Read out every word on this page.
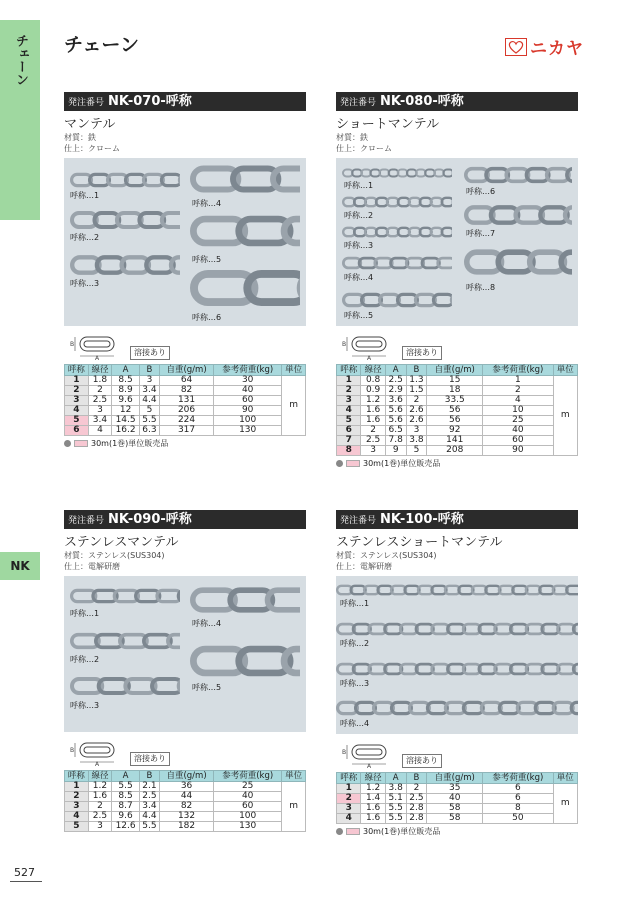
チェーン
NK
チェーン	ニカヤ
発注番号 NK-070-呼称
マンテル
材質：鉄
仕上：クローム
呼称…1
呼称…2
呼称…3
呼称…4
呼称…5
呼称…6
A
B
溶接あり
呼称	線径	A	B	自重(g/m)	参考荷重(kg)	単位
1	1.8	8.5	3	64	30	m
2	2	8.9	3.4	82	40	
3	2.5	9.6	4.4	131	60	
4	3	12	5	206	90	
5	3.4	14.5	5.5	224	100	
6	4	16.2	6.3	317	130	
30m(1巻)単位販売品
発注番号 NK-080-呼称
ショートマンテル
材質：鉄
仕上：クローム
呼称…1
呼称…2
呼称…3
呼称…4
呼称…5
呼称…6
呼称…7
呼称…8
A
B
溶接あり
呼称	線径	A	B	自重(g/m)	参考荷重(kg)	単位
1	0.8	2.5	1.3	15	1	m
2	0.9	2.9	1.5	18	2	
3	1.2	3.6	2	33.5	4	
4	1.6	5.6	2.6	56	10	
5	1.6	5.6	2.6	56	25	
6	2	6.5	3	92	40	
7	2.5	7.8	3.8	141	60	
8	3	9	5	208	90	
30m(1巻)単位販売品
発注番号 NK-090-呼称
ステンレスマンテル
材質：ステンレス(SUS304)
仕上：電解研磨
呼称…1
呼称…2
呼称…3
呼称…4
呼称…5
A
B
溶接あり
呼称	線径	A	B	自重(g/m)	参考荷重(kg)	単位
1	1.2	5.5	2.1	36	25	m
2	1.6	8.5	2.5	44	40	
3	2	8.7	3.4	82	60	
4	2.5	9.6	4.4	132	100	
5	3	12.6	5.5	182	130	
発注番号 NK-100-呼称
ステンレスショートマンテル
材質：ステンレス(SUS304)
仕上：電解研磨
呼称…1
呼称…2
呼称…3
呼称…4
A
B
溶接あり
呼称	線径	A	B	自重(g/m)	参考荷重(kg)	単位
1	1.2	3.8	2	35	6	m
2	1.4	5.1	2.5	40	6	
3	1.6	5.5	2.8	58	8	
4	1.6	5.5	2.8	58	50	
30m(1巻)単位販売品
527
